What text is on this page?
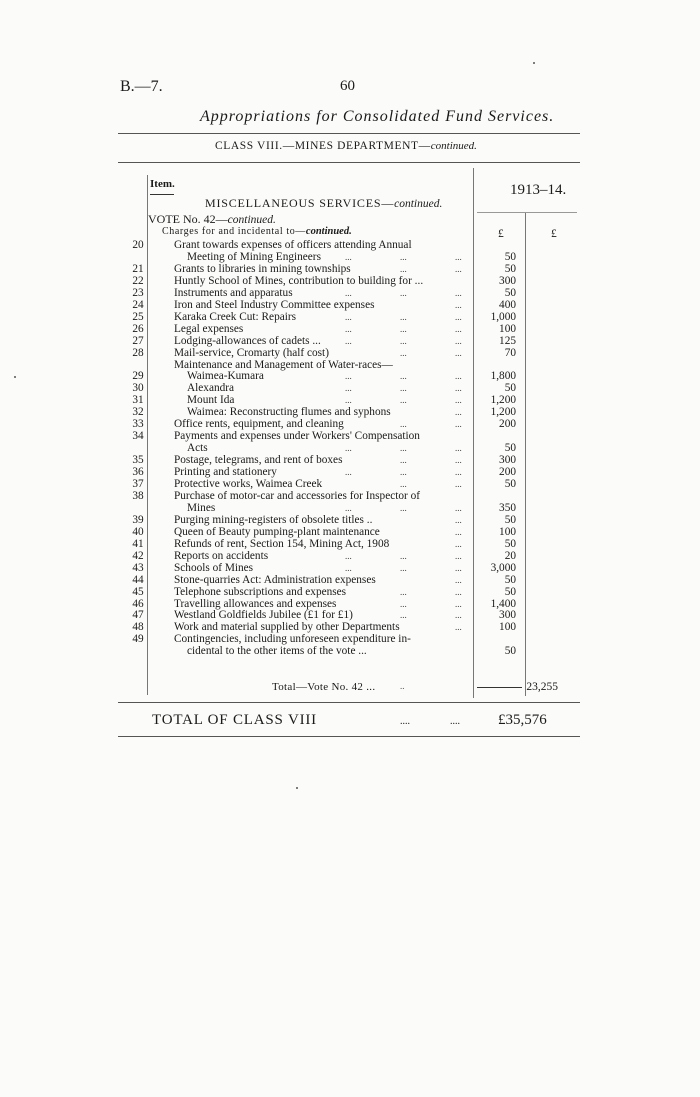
B.—7.	60
Appropriations for Consolidated Fund Services.
CLASS VIII.—MINES DEPARTMENT—continued.
Item.	1913–14.
MISCELLANEOUS SERVICES—continued.
VOTE No. 42—continued.
Charges for and incidental to—continued.	£	£
20	Grant towards expenses of officers attending Annual
Meeting of Mining Engineers	...	...	...	50
21	Grants to libraries in mining townships	...	...	50
22	Huntly School of Mines, contribution to building for ...	300
23	Instruments and apparatus	...	...	...	50
24	Iron and Steel Industry Committee expenses	...	400
25	Karaka Creek Cut: Repairs	...	...	...	1,000
26	Legal expenses	...	...	...	100
27	Lodging-allowances of cadets ...	...	...	...	125
28	Mail-service, Cromarty (half cost)	...	...	70
Maintenance and Management of Water-races—
29	Waimea-Kumara	...	...	...	1,800
30	Alexandra	...	...	...	50
31	Mount Ida	...	...	...	1,200
32	Waimea: Reconstructing flumes and syphons	...	1,200
33	Office rents, equipment, and cleaning	...	...	200
34	Payments and expenses under Workers' Compensation
Acts	...	...	...	50
35	Postage, telegrams, and rent of boxes	...	...	300
36	Printing and stationery	...	...	...	200
37	Protective works, Waimea Creek	...	...	50
38	Purchase of motor-car and accessories for Inspector of
Mines	...	...	...	350
39	Purging mining-registers of obsolete titles ..	...	50
40	Queen of Beauty pumping-plant maintenance	...	100
41	Refunds of rent, Section 154, Mining Act, 1908	...	50
42	Reports on accidents	...	...	...	20
43	Schools of Mines	...	...	...	3,000
44	Stone-quarries Act: Administration expenses	...	50
45	Telephone subscriptions and expenses	...	...	50
46	Travelling allowances and expenses	...	...	1,400
47	Westland Goldfields Jubilee (£1 for £1)	...	...	300
48	Work and material supplied by other Departments	...	100
49	Contingencies, including unforeseen expenditure in-
cidental to the other items of the vote ...	50
Total—Vote No. 42 ...	..	23,255
TOTAL OF CLASS VIII	....	....	£35,576
